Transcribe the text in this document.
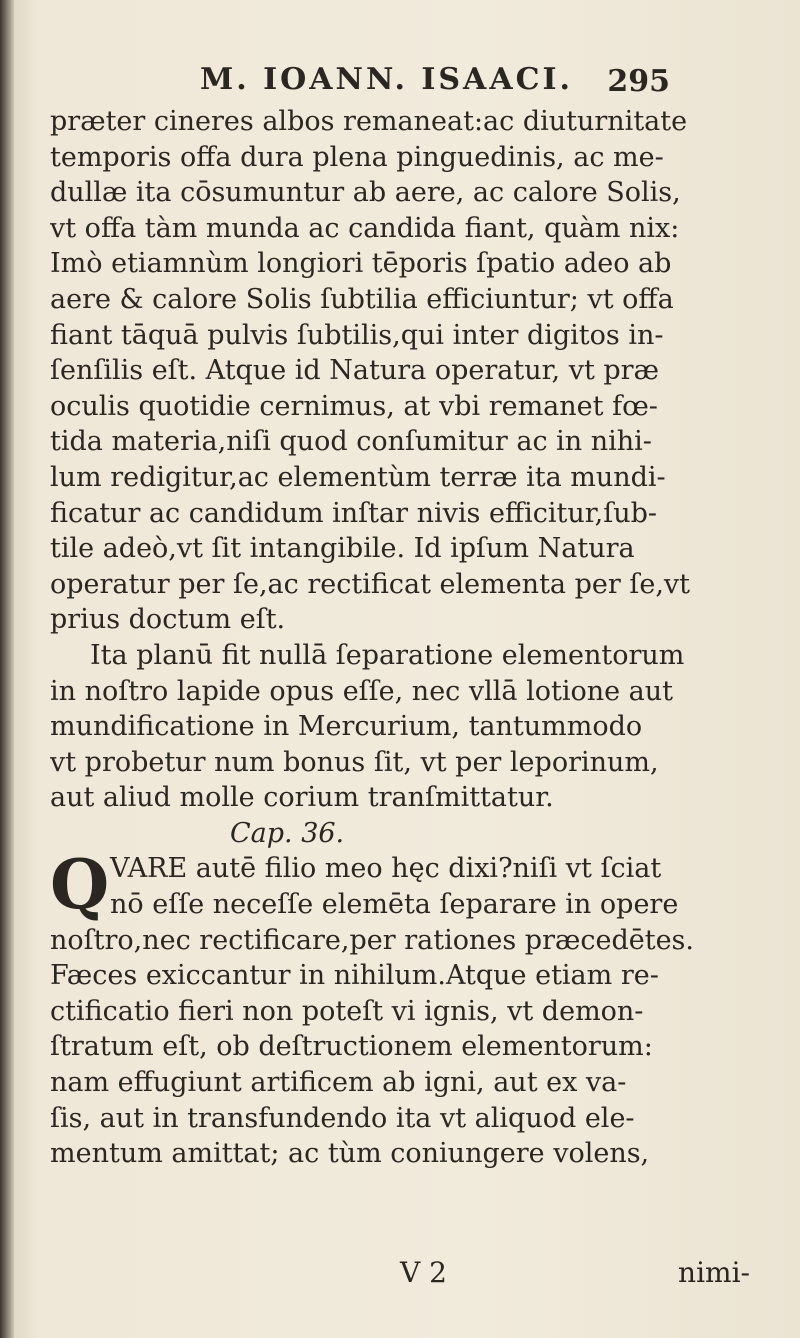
M. IOANN. ISAACI. 295
præter cineres albos remaneat:ac diuturnitate
temporis offa dura plena pinguedinis, ac me-
dullæ ita cōsumuntur ab aere, ac calore Solis,
vt offa tàm munda ac candida fiant, quàm nix:
Imò etiamnùm longiori tēporis ſpatio adeo ab
aere & calore Solis ſubtilia efficiuntur; vt offa
fiant tāquā pulvis ſubtilis,qui inter digitos in-
ſenſilis eſt. Atque id Natura operatur, vt præ
oculis quotidie cernimus, at vbi remanet fœ-
tida materia,niſi quod conſumitur ac in nihi-
lum redigitur,ac elementùm terræ ita mundi-
ficatur ac candidum inſtar nivis efficitur,ſub-
tile adeò,vt ſit intangibile. Id ipſum Natura
operatur per ſe,ac rectificat elementa per ſe,vt
prius doctum eſt.
Ita planū fit nullā ſeparatione elementorum
in noſtro lapide opus eſſe, nec vllā lotione aut
mundificatione in Mercurium, tantummodo
vt probetur num bonus ſit, vt per leporinum,
aut aliud molle corium tranſmittatur.
Cap. 36.
Q VARE autē filio meo hęc dixi?niſi vt ſciat
nō eſſe neceſſe elemēta ſeparare in opere
noſtro,nec rectificare,per rationes præcedētes.
Fæces exiccantur in nihilum.Atque etiam re-
ctificatio fieri non poteſt vi ignis, vt demon-
ſtratum eſt, ob deſtructionem elementorum:
nam effugiunt artificem ab igni, aut ex va-
ſis, aut in transfundendo ita vt aliquod ele-
mentum amittat; ac tùm coniungere volens,
V 2	nimi-
